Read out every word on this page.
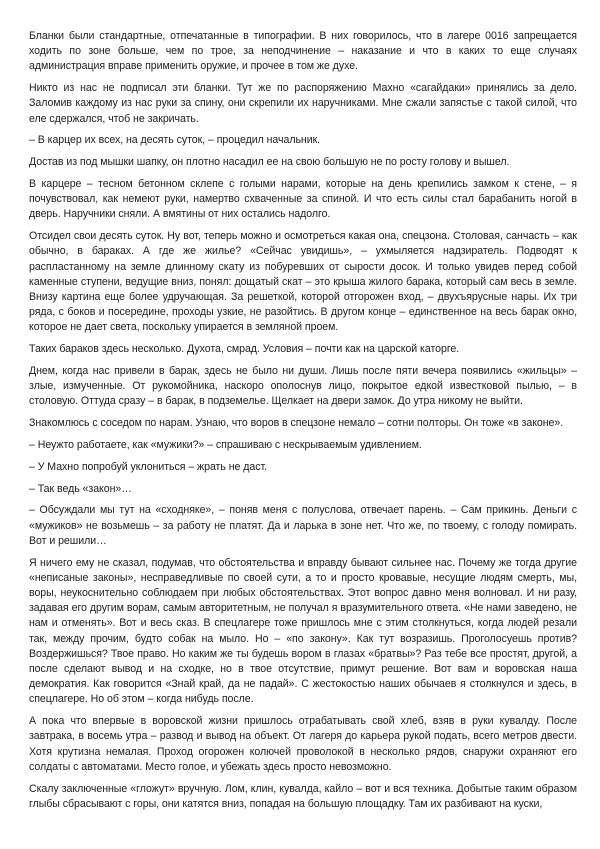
Бланки были стандартные, отпечатанные в типографии. В них говорилось, что в лагере 0016 запрещается ходить по зоне больше, чем по трое, за неподчинение – наказание и что в каких то еще случаях администрация вправе применить оружие, и прочее в том же духе.

Никто из нас не подписал эти бланки. Тут же по распоряжению Махно «сагайдаки» принялись за дело. Заломив каждому из нас руки за спину, они скрепили их наручниками. Мне сжали запястье с такой силой, что еле сдержался, чтоб не закричать.

– В карцер их всех, на десять суток, – процедил начальник.

Достав из под мышки шапку, он плотно насадил ее на свою большую не по росту голову и вышел.

В карцере – тесном бетонном склепе с голыми нарами, которые на день крепились замком к стене, – я почувствовал, как немеют руки, намертво схваченные за спиной. И что есть силы стал барабанить ногой в дверь. Наручники сняли. А вмятины от них остались надолго.

Отсидел свои десять суток. Ну вот, теперь можно и осмотреться какая она, спецзона. Столовая, санчасть – как обычно, в бараках. А где же жилье? «Сейчас увидишь», – ухмыляется надзиратель. Подводят к распластанному на земле длинному скату из побуревших от сырости досок. И только увидев перед собой каменные ступени, ведущие вниз, понял: дощатый скат – это крыша жилого барака, который сам весь в земле. Внизу картина еще более удручающая. За решеткой, которой отгорожен вход, – двухъярусные нары. Их три ряда, с боков и посередине, проходы узкие, не разойтись. В другом конце – единственное на весь барак окно, которое не дает света, поскольку упирается в земляной проем.

Таких бараков здесь несколько. Духота, смрад. Условия – почти как на царской каторге.

Днем, когда нас привели в барак, здесь не было ни души. Лишь после пяти вечера появились «жильцы» – злые, измученные. От рукомойника, наскоро ополоснув лицо, покрытое едкой известковой пылью, – в столовую. Оттуда сразу – в барак, в подземелье. Щелкает на двери замок. До утра никому не выйти.

Знакомлюсь с соседом по нарам. Узнаю, что воров в спецзоне немало – сотни полторы. Он тоже «в законе».

– Неужто работаете, как «мужики?» – спрашиваю с нескрываемым удивлением.

– У Махно попробуй уклониться – жрать не даст.

– Так ведь «закон»…

– Обсуждали мы тут на «сходняке», – поняв меня с полуслова, отвечает парень. – Сам прикинь. Деньги с «мужиков» не возьмешь – за работу не платят. Да и ларька в зоне нет. Что же, по твоему, с голоду помирать. Вот и решили…

Я ничего ему не сказал, подумав, что обстоятельства и вправду бывают сильнее нас. Почему же тогда другие «неписаные законы», несправедливые по своей сути, а то и просто кровавые, несущие людям смерть, мы, воры, неукоснительно соблюдаем при любых обстоятельствах. Этот вопрос давно меня волновал. И ни разу, задавая его другим ворам, самым авторитетным, не получал я вразумительного ответа. «Не нами заведено, не нам и отменять». Вот и весь сказ. В спецлагере тоже пришлось мне с этим столкнуться, когда людей резали так, между прочим, будто собак на мыло. Но – «по закону». Как тут возразишь. Проголосуешь против? Воздержишься? Твое право. Но каким же ты будешь вором в глазах «братвы»? Раз тебе все простят, другой, а после сделают вывод и на сходке, но в твое отсутствие, примут решение. Вот вам и воровская наша демократия. Как говорится «Знай край, да не падай». С жестокостью наших обычаев я столкнулся и здесь, в спецлагере. Но об этом – когда нибудь после.

А пока что впервые в воровской жизни пришлось отрабатывать свой хлеб, взяв в руки кувалду. После завтрака, в восемь утра – развод и вывод на объект. От лагеря до карьера рукой подать, всего метров двести. Хотя крутизна немалая. Проход огорожен колючей проволокой в несколько рядов, снаружи охраняют его солдаты с автоматами. Место голое, и убежать здесь просто невозможно.

Скалу заключенные «гложут» вручную. Лом, клин, кувалда, кайло – вот и вся техника. Добытые таким образом глыбы сбрасывают с горы, они катятся вниз, попадая на большую площадку. Там их разбивают на куски,
